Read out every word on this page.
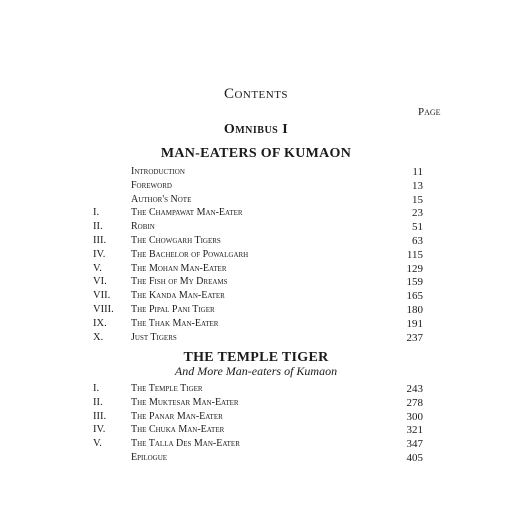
Contents
Page
Omnibus I
MAN-EATERS OF KUMAON
Introduction	11
Foreword	13
Author's Note	15
I.	The Champawat Man-Eater	23
II.	Robin	51
III. The Chowgarh Tigers	63
IV.	The Bachelor of Powalgarh	115
V.	The Mohan Man-Eater	129
VI. The Fish of My Dreams	159
VII. The Kanda Man-Eater	165
VIII. The Pipal Pani Tiger	180
IX. The Thak Man-Eater	191
X.	Just Tigers	237
THE TEMPLE TIGER
And More Man-eaters of Kumaon
I.	The Temple Tiger	243
II.	The Muktesar Man-Eater	278
III. The Panar Man-Eater	300
IV.	The Chuka Man-Eater	321
V.	The Talla Des Man-Eater	347
Epilogue	405
